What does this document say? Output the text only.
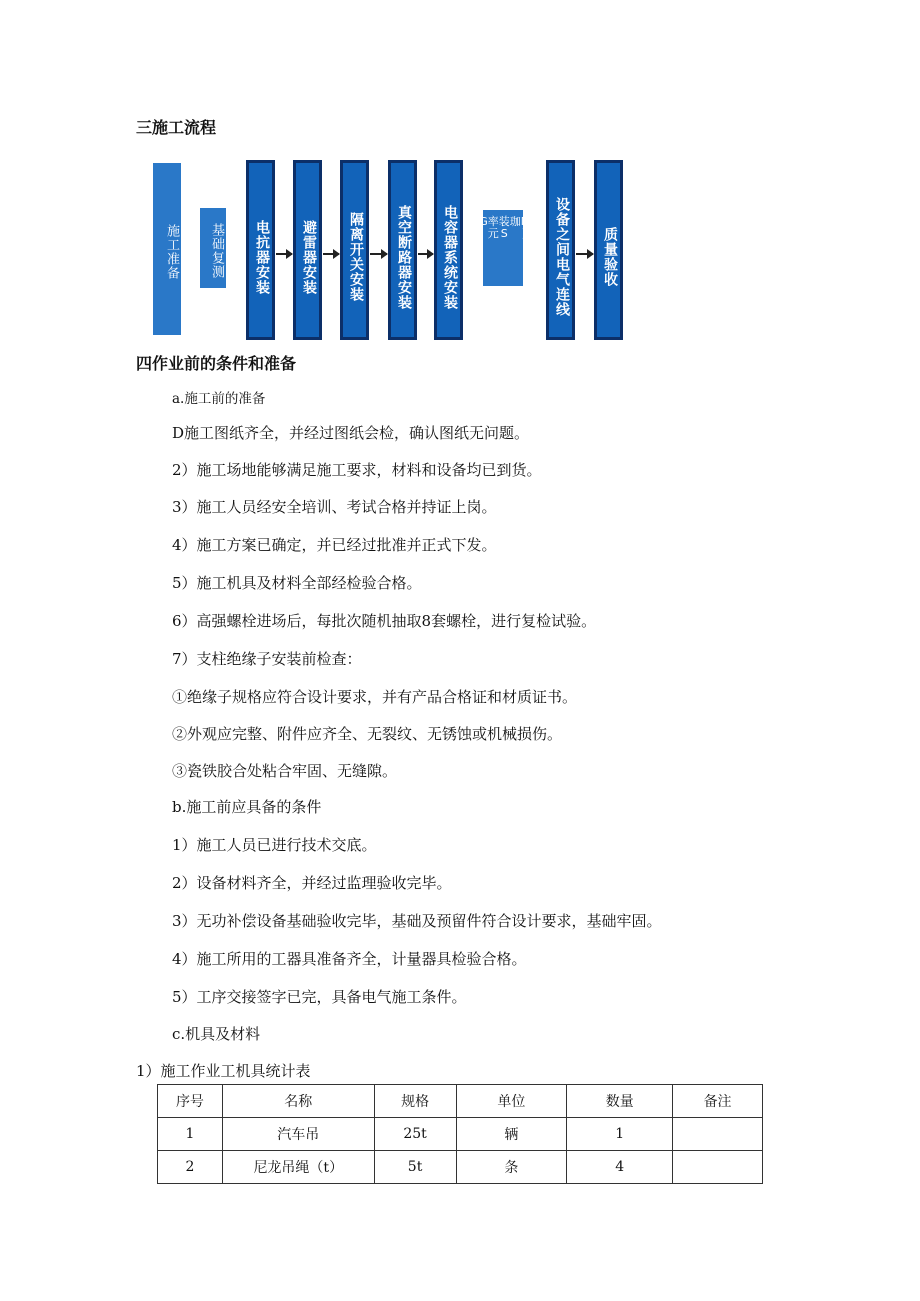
三施工流程
施工准备	基础复测	电抗器安装	避雷器安装	隔离开关安装	真空断路器安装	电容器系统安装	VG 率元
装 S
珈 M-更	设备之间电气连线	质量验收
四作业前的条件和准备
a.施工前的准备
D施工图纸齐全，并经过图纸会检，确认图纸无问题。
2）施工场地能够满足施工要求，材料和设备均已到货。
3）施工人员经安全培训、考试合格并持证上岗。
4）施工方案已确定，并已经过批准并正式下发。
5）施工机具及材料全部经检验合格。
6）高强螺栓进场后，每批次随机抽取8套螺栓，进行复检试验。
7）支柱绝缘子安装前检查：
①绝缘子规格应符合设计要求，并有产品合格证和材质证书。
②外观应完整、附件应齐全、无裂纹、无锈蚀或机械损伤。
③瓷铁胶合处粘合牢固、无缝隙。
b.施工前应具备的条件
1）施工人员已进行技术交底。
2）设备材料齐全，并经过监理验收完毕。
3）无功补偿设备基础验收完毕，基础及预留件符合设计要求，基础牢固。
4）施工所用的工器具准备齐全，计量器具检验合格。
5）工序交接签字已完，具备电气施工条件。
c.机具及材料
1）施工作业工机具统计表
序号	名称	规格	单位	数量	备注
1	汽车吊	25t	辆	1	
2	尼龙吊绳（t）	5t	条	4	
